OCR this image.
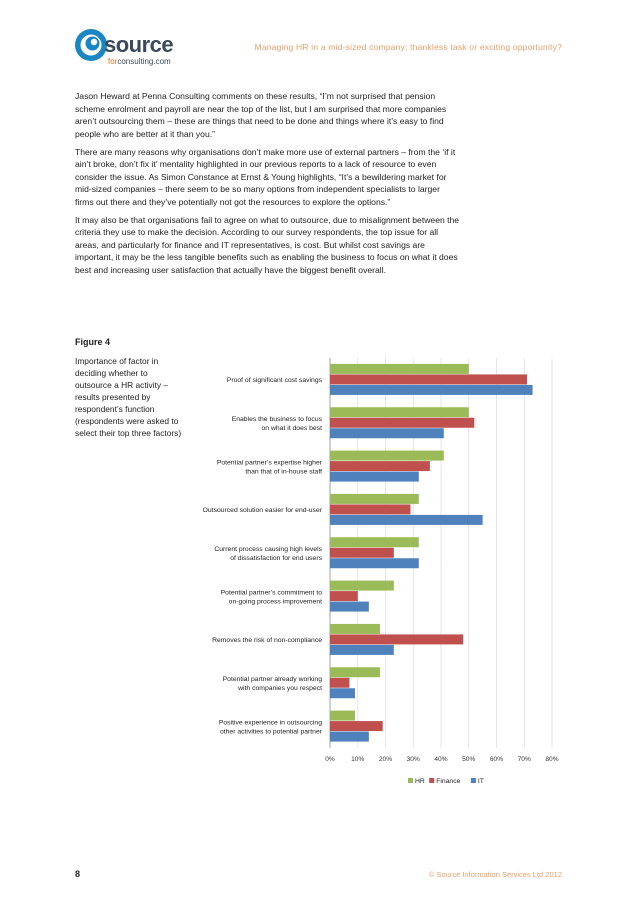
source
forconsulting.com
Managing HR in a mid-sized company: thankless task or exciting opportunity?

Jason Heward at Penna Consulting comments on these results, “I’m not surprised that pension scheme enrolment and payroll are near the top of the list, but I am surprised that more companies aren’t outsourcing them – these are things that need to be done and things where it’s easy to find people who are better at it than you.”

There are many reasons why organisations don’t make more use of external partners – from the ‘if it ain’t broke, don’t fix it’ mentality highlighted in our previous reports to a lack of resource to even consider the issue. As Simon Constance at Ernst & Young highlights, “It’s a bewildering market for mid-sized companies – there seem to be so many options from independent specialists to larger firms out there and they’ve potentially not got the resources to explore the options.”

It may also be that organisations fail to agree on what to outsource, due to misalignment between the criteria they use to make the decision. According to our survey respondents, the top issue for all areas, and particularly for finance and IT representatives, is cost. But whilst cost savings are important, it may be the less tangible benefits such as enabling the business to focus on what it does best and increasing user satisfaction that actually have the biggest benefit overall.

Figure 4
Importance of factor in deciding whether to outsource a HR activity – results presented by respondent’s function (respondents were asked to select their top three factors)
0% 10% 20% 30% 40% 50% 60% 70% 80%
Proof of significant cost savings
Enables the business to focus
on what it does best
Potential partner’s expertise higher
than that of in-house staff
Outsourced solution easier for end-user
Current process causing high levels
of dissatisfaction for end users
Potential partner’s commitment to
on-going process improvement
Removes the risk of non-compliance
Potential partner already working
with companies you respect
Positive experience in outsourcing
other activities to potential partner
HR Finance	IT
8	© Source Information Services Ltd 2012
